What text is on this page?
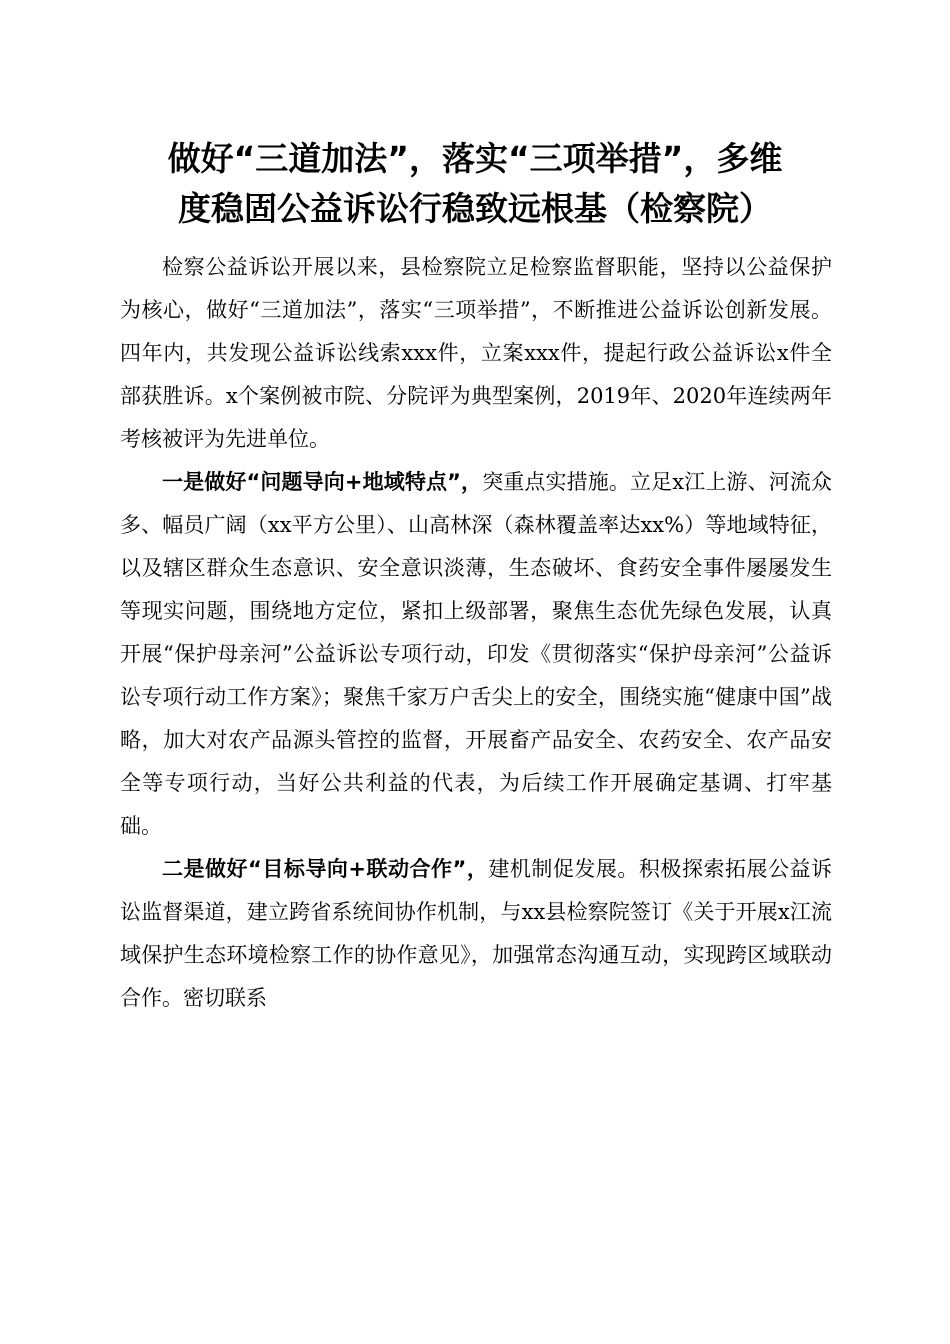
做好“三道加法”，落实“三项举措”，多维
度稳固公益诉讼行稳致远根基（检察院）

检察公益诉讼开展以来，县检察院立足检察监督职能，坚持以公益保护为核心，做好“三道加法”，落实“三项举措”，不断推进公益诉讼创新发展。四年内，共发现公益诉讼线索xxx件，立案xxx件，提起行政公益诉讼x件全部获胜诉。x个案例被市院、分院评为典型案例，2019年、2020年连续两年考核被评为先进单位。

一是做好“问题导向+地域特点”，突重点实措施。立足x江上游、河流众多、幅员广阔（xx平方公里）、山高林深（森林覆盖率达xx%）等地域特征，以及辖区群众生态意识、安全意识淡薄，生态破坏、食药安全事件屡屡发生等现实问题，围绕地方定位，紧扣上级部署，聚焦生态优先绿色发展，认真开展“保护母亲河”公益诉讼专项行动，印发《贯彻落实“保护母亲河”公益诉讼专项行动工作方案》；聚焦千家万户舌尖上的安全，围绕实施“健康中国”战略，加大对农产品源头管控的监督，开展畜产品安全、农药安全、农产品安全等专项行动，当好公共利益的代表，为后续工作开展确定基调、打牢基础。

二是做好“目标导向+联动合作”，建机制促发展。积极探索拓展公益诉讼监督渠道，建立跨省系统间协作机制，与xx县检察院签订《关于开展x江流域保护生态环境检察工作的协作意见》，加强常态沟通互动，实现跨区域联动合作。密切联系
